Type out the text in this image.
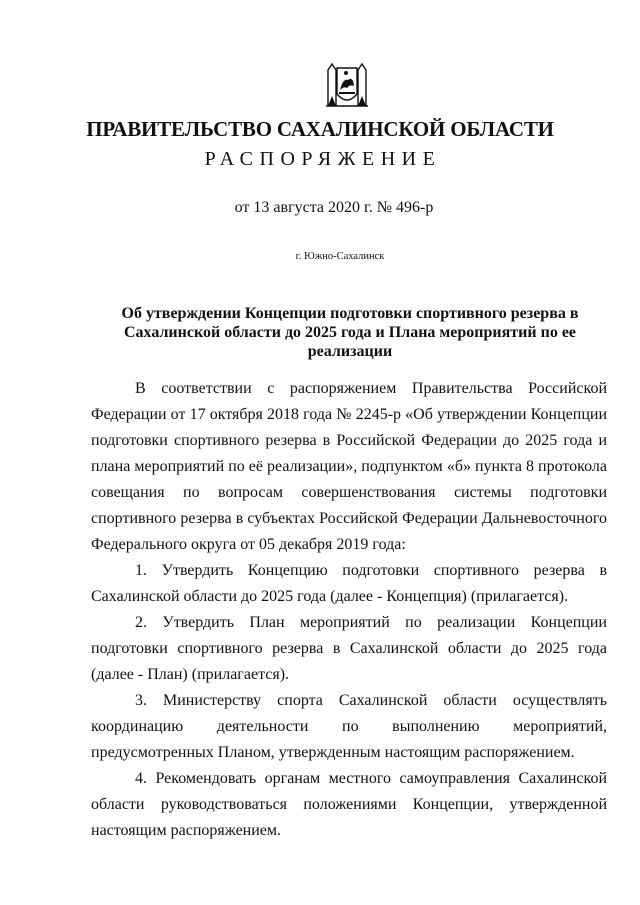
ПРАВИТЕЛЬСТВО САХАЛИНСКОЙ ОБЛАСТИ
РАСПОРЯЖЕНИЕ
от 13 августа 2020 г. № 496-р
г. Южно-Сахалинск
Об утверждении Концепции подготовки спортивного резерва в Сахалинской области до 2025 года и Плана мероприятий по ее реализации

В соответствии с распоряжением Правительства Российской Федерации от 17 октября 2018 года № 2245-р «Об утверждении Концепции подготовки спортивного резерва в Российской Федерации до 2025 года и плана мероприятий по её реализации», подпунктом «б» пункта 8 протокола совещания по вопросам совершенствования системы подготовки спортивного резерва в субъектах Российской Федерации Дальневосточного Федерального округа от 05 декабря 2019 года:

1. Утвердить Концепцию подготовки спортивного резерва в Сахалинской области до 2025 года (далее - Концепция) (прилагается).

2. Утвердить План мероприятий по реализации Концепции подготовки спортивного резерва в Сахалинской области до 2025 года (далее - План) (прилагается).

3. Министерству спорта Сахалинской области осуществлять координацию деятельности по выполнению мероприятий, предусмотренных Планом, утвержденным настоящим распоряжением.

4. Рекомендовать органам местного самоуправления Сахалинской области руководствоваться положениями Концепции, утвержденной настоящим распоряжением.
